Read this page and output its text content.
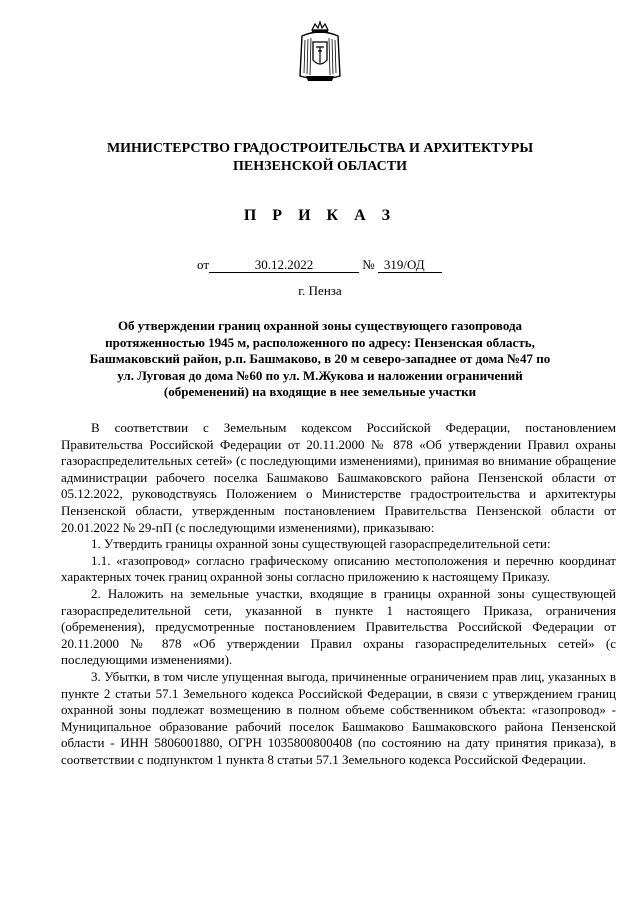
МИНИСТЕРСТВО ГРАДОСТРОИТЕЛЬСТВА И АРХИТЕКТУРЫ
ПЕНЗЕНСКОЙ ОБЛАСТИ
П Р И К А З
от	30.12.2022	№ 319/ОД
г. Пенза
Об утверждении границ охранной зоны существующего газопровода протяженностью 1945 м, расположенного по адресу: Пензенская область, Башмаковский район, р.п. Башмаково, в 20 м северо-западнее от дома №47 по ул. Луговая до дома №60 по ул. М.Жукова и наложении ограничений (обременений) на входящие в нее земельные участки

В соответствии с Земельным кодексом Российской Федерации, постановлением Правительства Российской Федерации от 20.11.2000 № 878 «Об утверждении Правил охраны газораспределительных сетей» (с последующими изменениями), принимая во внимание обращение администрации рабочего поселка Башмаково Башмаковского района Пензенской области от 05.12.2022, руководствуясь Положением о Министерстве градостроительства и архитектуры Пензенской области, утвержденным постановлением Правительства Пензенской области от 20.01.2022 № 29-пП (с последующими изменениями), приказываю:

1. Утвердить границы охранной зоны существующей газораспределительной сети:

1.1. «газопровод» согласно графическому описанию местоположения и перечню координат характерных точек границ охранной зоны согласно приложению к настоящему Приказу.

2. Наложить на земельные участки, входящие в границы охранной зоны существующей газораспределительной сети, указанной в пункте 1 настоящего Приказа, ограничения (обременения), предусмотренные постановлением Правительства Российской Федерации от 20.11.2000 № 878 «Об утверждении Правил охраны газораспределительных сетей» (с последующими изменениями).

3. Убытки, в том числе упущенная выгода, причиненные ограничением прав лиц, указанных в пункте 2 статьи 57.1 Земельного кодекса Российской Федерации, в связи с утверждением границ охранной зоны подлежат возмещению в полном объеме собственником объекта: «газопровод» - Муниципальное образование рабочий поселок Башмаково Башмаковского района Пензенской области - ИНН 5806001880, ОГРН 1035800800408 (по состоянию на дату принятия приказа), в соответствии с подпунктом 1 пункта 8 статьи 57.1 Земельного кодекса Российской Федерации.
